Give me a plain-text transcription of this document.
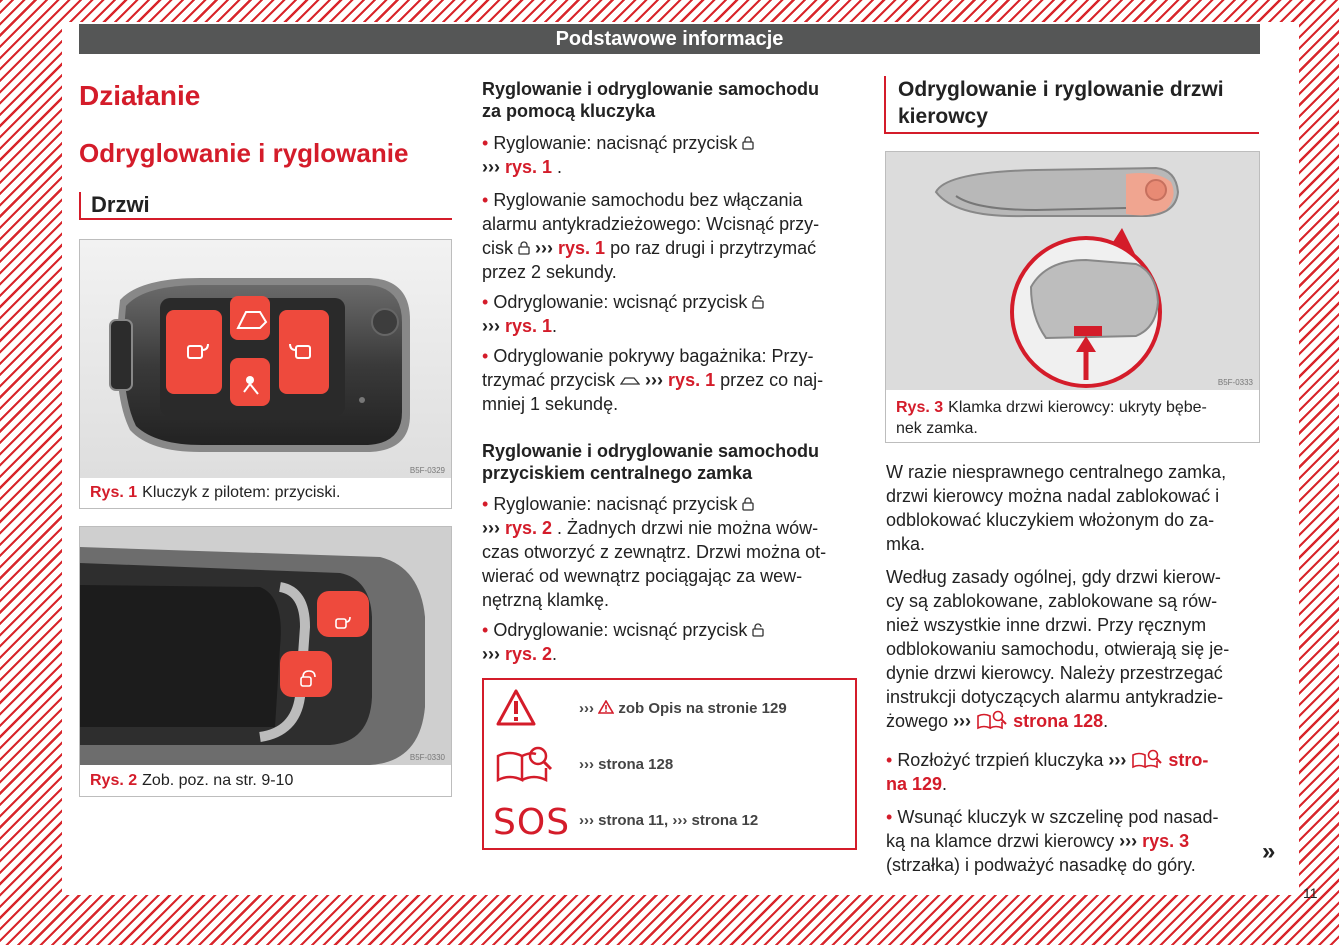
Podstawowe informacje
Działanie
Odryglowanie i ryglowanie
Drzwi
B5F-0329
Rys. 1 Kluczyk z pilotem: przyciski.
B5F-0330
Rys. 2 Zob. poz. na str. 9-10
Ryglowanie i odryglowanie samochodu
za pomocą kluczyka
• Ryglowanie: nacisnąć przycisk
››› rys. 1 .
• Ryglowanie samochodu bez włączania
alarmu antykradzieżowego: Wcisnąć przy-
cisk ››› rys. 1 po raz drugi i przytrzymać
przez 2 sekundy.
• Odryglowanie: wcisnąć przycisk
››› rys. 1.
• Odryglowanie pokrywy bagażnika: Przy-
trzymać przycisk ››› rys. 1 przez co naj-
mniej 1 sekundę.
Ryglowanie i odryglowanie samochodu
przyciskiem centralnego zamka
• Ryglowanie: nacisnąć przycisk
››› rys. 2 . Żadnych drzwi nie można wów-
czas otworzyć z zewnątrz. Drzwi można ot-
wierać od wewnątrz pociągając za wew-
nętrzną klamkę.
• Odryglowanie: wcisnąć przycisk
››› rys. 2.
SOS
›››  zob Opis na stronie 129
››› strona 128
››› strona 11, ››› strona 12
Odryglowanie i ryglowanie drzwi
kierowcy
B5F-0333
Rys. 3 Klamka drzwi kierowcy: ukryty bębe-
nek zamka.
W razie niesprawnego centralnego zamka,
drzwi kierowcy można nadal zablokować i
odblokować kluczykiem włożonym do za-
mka.
Według zasady ogólnej, gdy drzwi kierow-
cy są zablokowane, zablokowane są rów-
nież wszystkie inne drzwi. Przy ręcznym
odblokowaniu samochodu, otwierają się je-
dynie drzwi kierowcy. Należy przestrzegać
instrukcji dotyczących alarmu antykradzie-
żowego ››› strona 128.
• Rozłożyć trzpień kluczyka ››› stro-
na 129.
• Wsunąć kluczyk w szczelinę pod nasad-
ką na klamce drzwi kierowcy ››› rys. 3
(strzałka) i podważyć nasadkę do góry.	»
11
